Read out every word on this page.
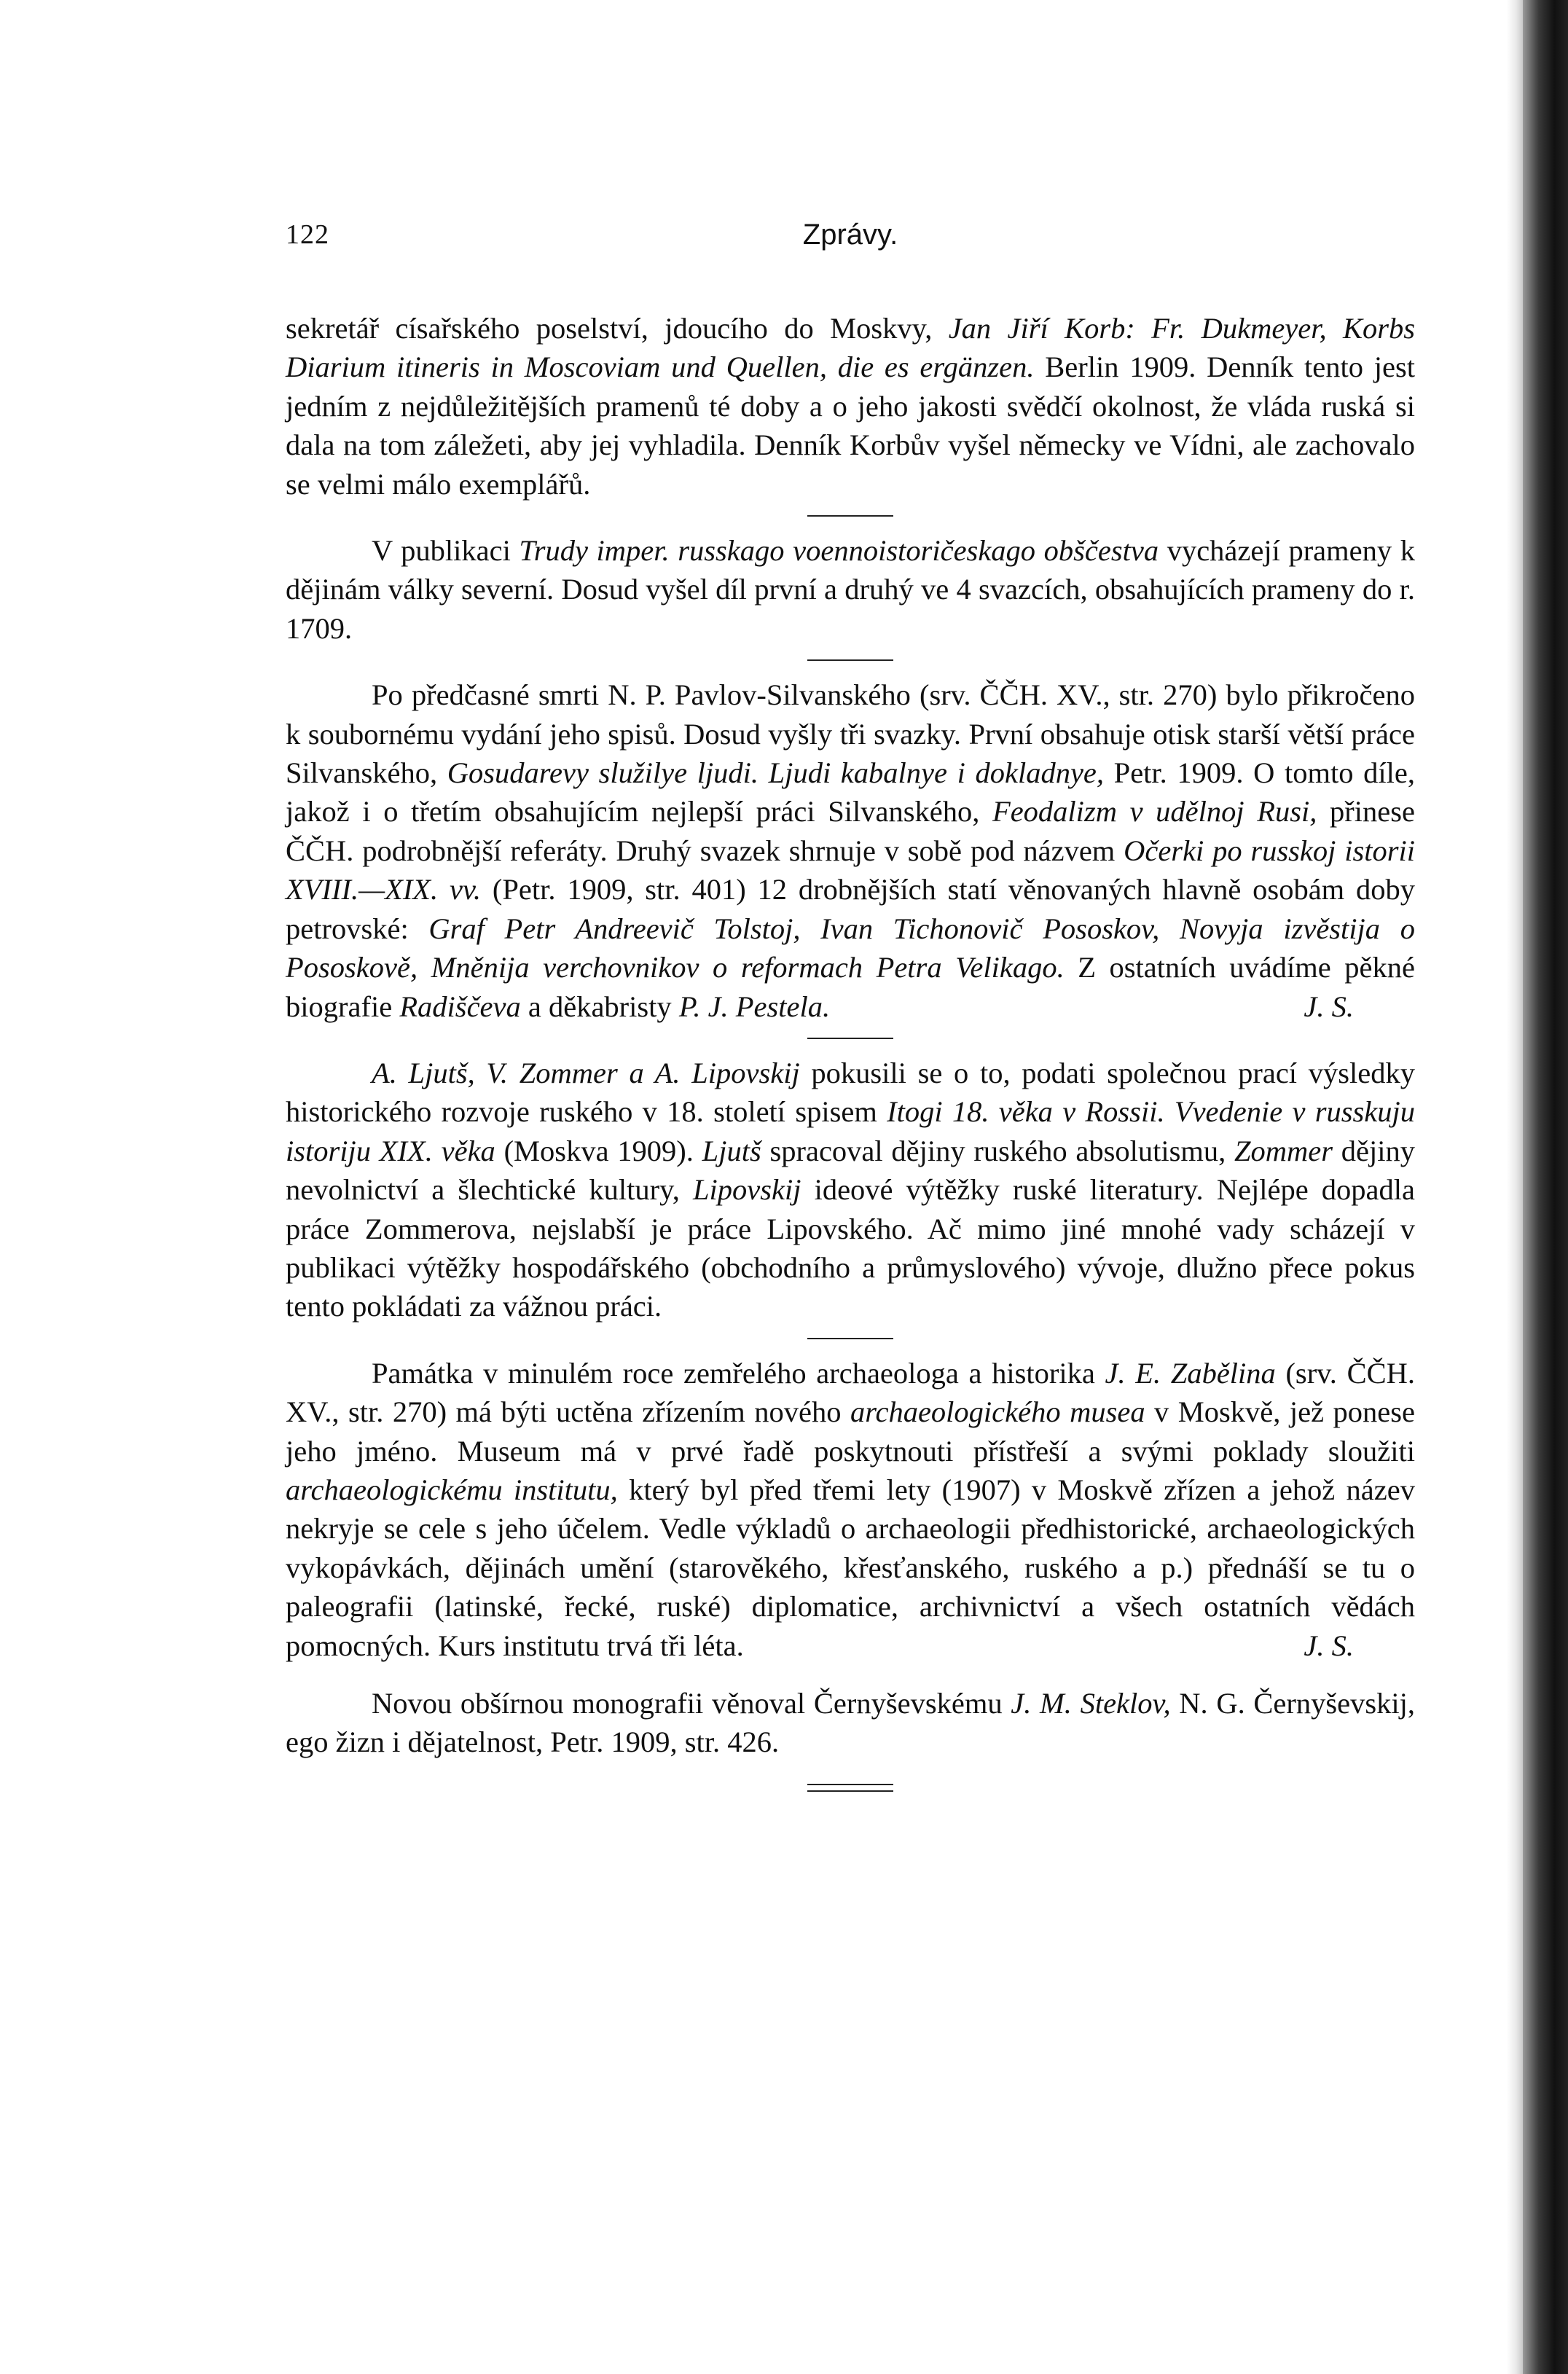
122	Zprávy.

sekretář císařského poselství, jdoucího do Moskvy, Jan Jiří Korb: Fr. Dukmeyer, Korbs Diarium itineris in Moscoviam und Quellen, die es ergänzen. Berlin 1909. Denník tento jest jedním z nejdůležitějších pramenů té doby a o jeho jakosti svědčí okolnost, že vláda ruská si dala na tom záležeti, aby jej vyhladila. Denník Korbův vyšel německy ve Vídni, ale zachovalo se velmi málo exemplářů.

V publikaci Trudy imper. russkago voennoistoričeskago obščestva vycházejí prameny k dějinám války severní. Dosud vyšel díl první a druhý ve 4 svazcích, obsahujících prameny do r. 1709.

Po předčasné smrti N. P. Pavlov-Silvanského (srv. ČČH. XV., str. 270) bylo přikročeno k soubornému vydání jeho spisů. Dosud vyšly tři svazky. První obsahuje otisk starší větší práce Silvanského, Gosudarevy služilye ljudi. Ljudi kabalnye i dokladnye, Petr. 1909. O tomto díle, jakož i o třetím obsahujícím nejlepší práci Silvanského, Feodalizm v udělnoj Rusi, přinese ČČH. podrobnější referáty. Druhý svazek shrnuje v sobě pod názvem Očerki po russkoj istorii XVIII.—XIX. vv. (Petr. 1909, str. 401) 12 drobnějších statí věnovaných hlavně osobám doby petrovské: Graf Petr Andreevič Tolstoj, Ivan Tichonovič Pososkov, Novyja izvěstija o Pososkově, Mněnija verchovnikov o reformach Petra Velikago. Z ostatních uvádíme pěkné biografie Radiščeva a děkabristy P. J. Pestela.	J. S.

A. Ljutš, V. Zommer a A. Lipovskij pokusili se o to, podati společnou prací výsledky historického rozvoje ruského v 18. století spisem Itogi 18. věka v Rossii. Vvedenie v russkuju istoriju XIX. věka (Moskva 1909). Ljutš spracoval dějiny ruského absolutismu, Zommer dějiny nevolnictví a šlechtické kultury, Lipovskij ideové výtěžky ruské literatury. Nejlépe dopadla práce Zommerova, nejslabší je práce Lipovského. Ač mimo jiné mnohé vady scházejí v publikaci výtěžky hospodářského (obchodního a průmyslového) vývoje, dlužno přece pokus tento pokládati za vážnou práci.

Památka v minulém roce zemřelého archaeologa a historika J. E. Zabělina (srv. ČČH. XV., str. 270) má býti uctěna zřízením nového archaeologického musea v Moskvě, jež ponese jeho jméno. Museum má v prvé řadě poskytnouti přístřeší a svými poklady sloužiti archaeologickému institutu, který byl před třemi lety (1907) v Moskvě zřízen a jehož název nekryje se cele s jeho účelem. Vedle výkladů o archaeologii předhistorické, archaeologických vykopávkách, dějinách umění (starověkého, křesťanského, ruského a p.) přednáší se tu o paleografii (latinské, řecké, ruské) diplomatice, archivnictví a všech ostatních vědách pomocných. Kurs institutu trvá tři léta.	J. S.

Novou obšírnou monografii věnoval Černyševskému J. M. Steklov, N. G. Černyševskij, ego žizn i dějatelnost, Petr. 1909, str. 426.
